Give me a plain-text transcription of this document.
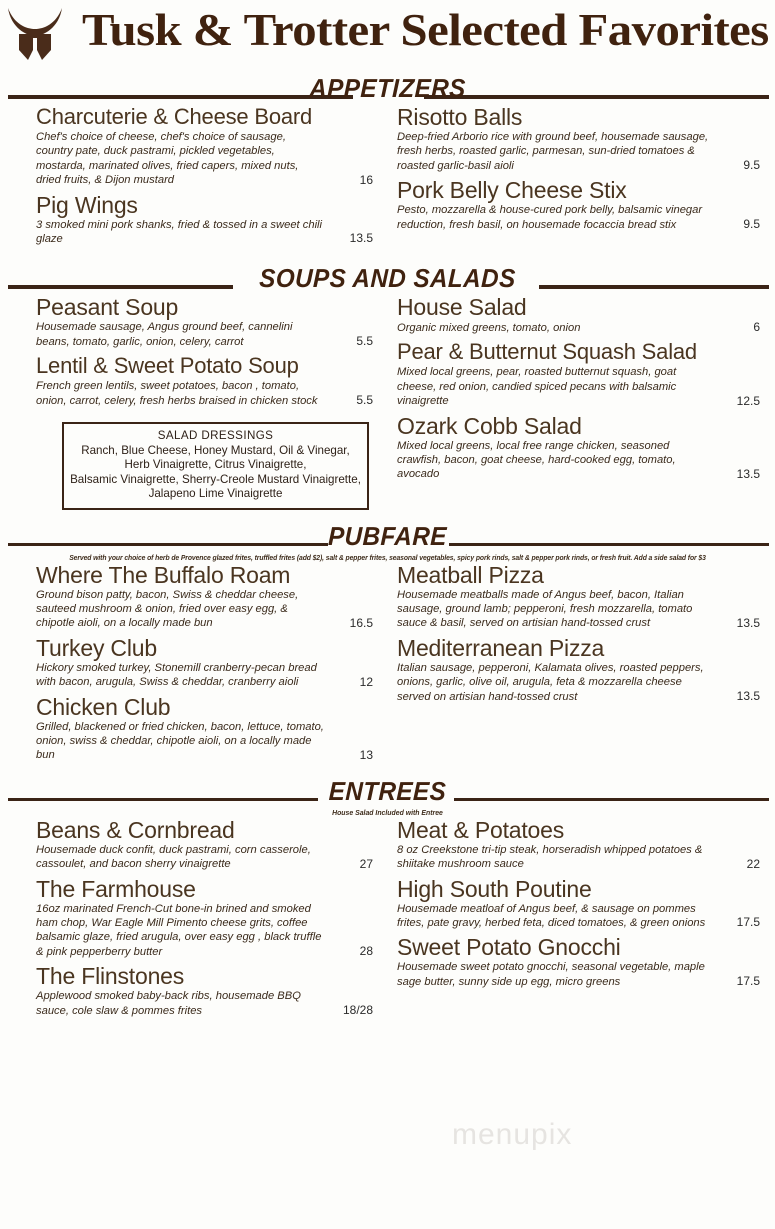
Tusk & Trotter Selected Favorites
APPETIZERS
Charcuterie & Cheese Board
Chef's choice of cheese, chef's choice of sausage, country pate, duck pastrami, pickled vegetables, mostarda, marinated olives, fried capers, mixed nuts, dried fruits, & Dijon mustard	16
Pig Wings
3 smoked mini pork shanks, fried & tossed in a sweet chili glaze	13.5
Risotto Balls
Deep-fried Arborio rice with ground beef, housemade sausage, fresh herbs, roasted garlic, parmesan, sun-dried tomatoes & roasted garlic-basil aioli	9.5
Pork Belly Cheese Stix
Pesto, mozzarella & house-cured pork belly, balsamic vinegar reduction, fresh basil, on housemade focaccia bread stix	9.5
SOUPS AND SALADS
Peasant Soup
Housemade sausage, Angus ground beef, cannelini beans, tomato, garlic, onion, celery, carrot	5.5
Lentil & Sweet Potato Soup
French green lentils, sweet potatoes, bacon , tomato, onion, carrot, celery, fresh herbs braised in chicken stock	5.5
SALAD DRESSINGS
Ranch, Blue Cheese, Honey Mustard, Oil & Vinegar,
Herb Vinaigrette, Citrus Vinaigrette,
Balsamic Vinaigrette, Sherry-Creole Mustard Vinaigrette,
Jalapeno Lime Vinaigrette
House Salad
Organic mixed greens, tomato, onion	6
Pear & Butternut Squash Salad
Mixed local greens, pear, roasted butternut squash, goat cheese, red onion, candied spiced pecans with balsamic vinaigrette	12.5
Ozark Cobb Salad
Mixed local greens, local free range chicken, seasoned crawfish, bacon, goat cheese, hard-cooked egg, tomato, avocado	13.5
PUBFARE
Served with your choice of herb de Provence glazed frites, truffled frites (add $2), salt & pepper frites, seasonal vegetables, spicy pork rinds, salt & pepper pork rinds, or fresh fruit. Add a side salad for $3
Where The Buffalo Roam
Ground bison patty, bacon, Swiss & cheddar cheese, sauteed mushroom & onion, fried over easy egg, & chipotle aioli, on a locally made bun	16.5
Turkey Club
Hickory smoked turkey, Stonemill cranberry-pecan bread with bacon, arugula, Swiss & cheddar, cranberry aioli	12
Chicken Club
Grilled, blackened or fried chicken, bacon, lettuce, tomato, onion, swiss & cheddar, chipotle aioli, on a locally made bun	13
Meatball Pizza
Housemade meatballs made of Angus beef, bacon, Italian sausage, ground lamb; pepperoni, fresh mozzarella, tomato sauce & basil, served on artisian hand-tossed crust	13.5
Mediterranean Pizza
Italian sausage, pepperoni, Kalamata olives, roasted peppers, onions, garlic, olive oil, arugula, feta & mozzarella cheese served on artisian hand-tossed crust	13.5
ENTREES
House Salad Included with Entree
Beans & Cornbread
Housemade duck confit, duck pastrami, corn casserole, cassoulet, and bacon sherry vinaigrette	27
The Farmhouse
16oz marinated French-Cut bone-in brined and smoked ham chop, War Eagle Mill Pimento cheese grits, coffee balsamic glaze, fried arugula, over easy egg , black truffle & pink pepperberry butter	28
The Flinstones
Applewood smoked baby-back ribs, housemade BBQ sauce, cole slaw & pommes frites	18/28
Meat & Potatoes
8 oz Creekstone tri-tip steak, horseradish whipped potatoes & shiitake mushroom sauce	22
High South Poutine
Housemade meatloaf of Angus beef, & sausage on pommes frites, pate gravy, herbed feta, diced tomatoes, & green onions	17.5
Sweet Potato Gnocchi
Housemade sweet potato gnocchi, seasonal vegetable, maple sage butter, sunny side up egg, micro greens	17.5
menupix
